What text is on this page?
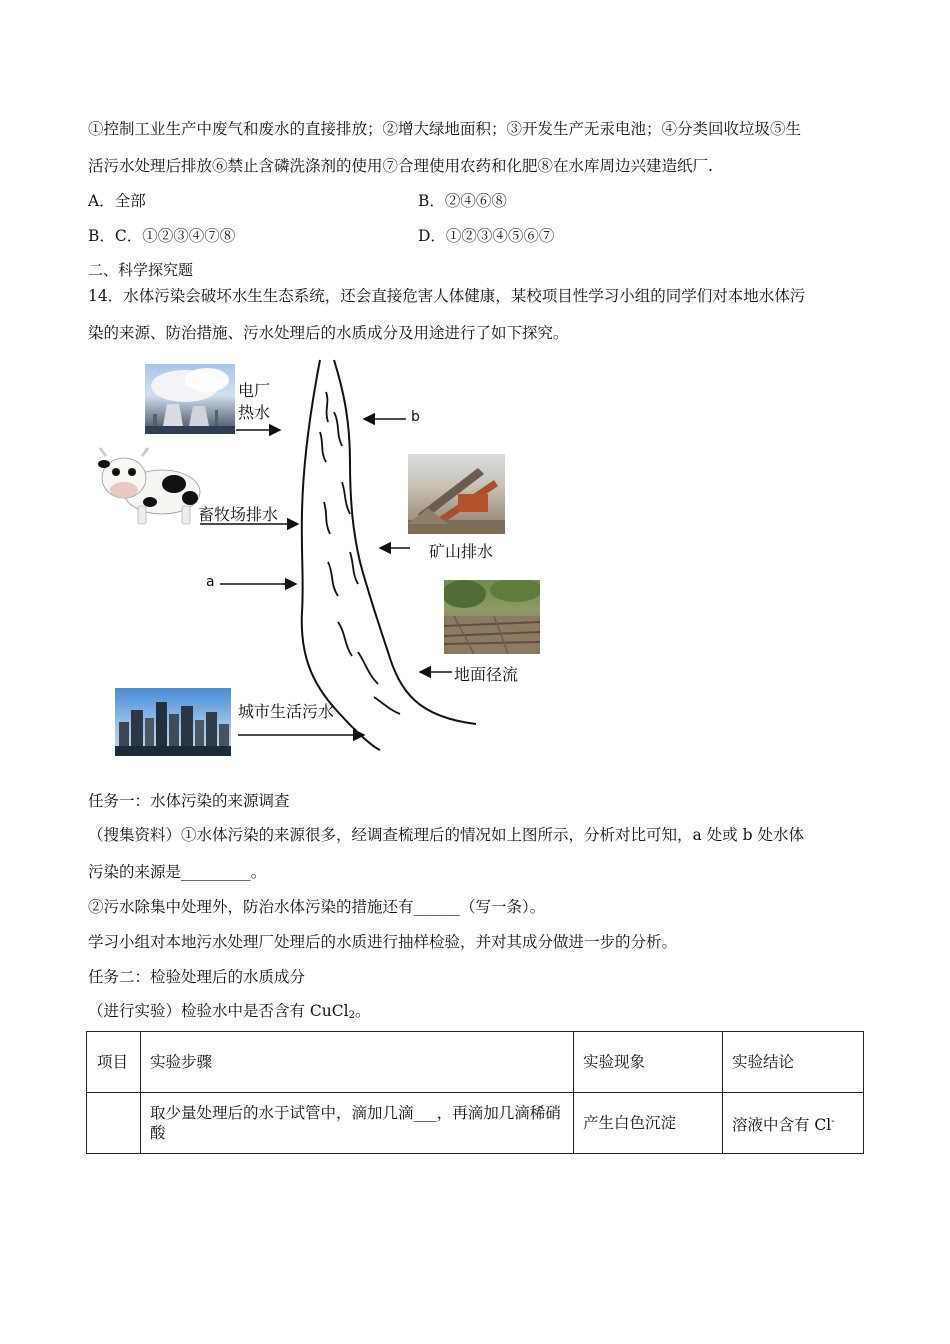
①控制工业生产中废气和废水的直接排放；②增大绿地面积；③开发生产无汞电池；④分类回收垃圾⑤生
活污水处理后排放⑥禁止含磷洗涤剂的使用⑦合理使用农药和化肥⑧在水库周边兴建造纸厂.
A．全部	B．②④⑥⑧
B．C．①②③④⑦⑧	D．①②③④⑤⑥⑦
二、科学探究题
14．水体污染会破坏水生生态系统，还会直接危害人体健康，某校项目性学习小组的同学们对本地水体污
染的来源、防治措施、污水处理后的水质成分及用途进行了如下探究。
电厂
热水	b
畜牧场排水
矿山排水
a
地面径流
城市生活污水
任务一：水体污染的来源调查
（搜集资料）①水体污染的来源很多，经调查梳理后的情况如上图所示，分析对比可知，a 处或 b 处水体
污染的来源是_________。
②污水除集中处理外，防治水体污染的措施还有______（写一条）。
学习小组对本地污水处理厂处理后的水质进行抽样检验，并对其成分做进一步的分析。
任务二：检验处理后的水质成分
（进行实验）检验水中是否含有 CuCl$_2$。
项目	实验步骤	实验现象	实验结论
	取少量处理后的水于试管中，滴加几滴___，再滴加几滴稀硝酸	产生白色沉淀	溶液中含有 Cl-
